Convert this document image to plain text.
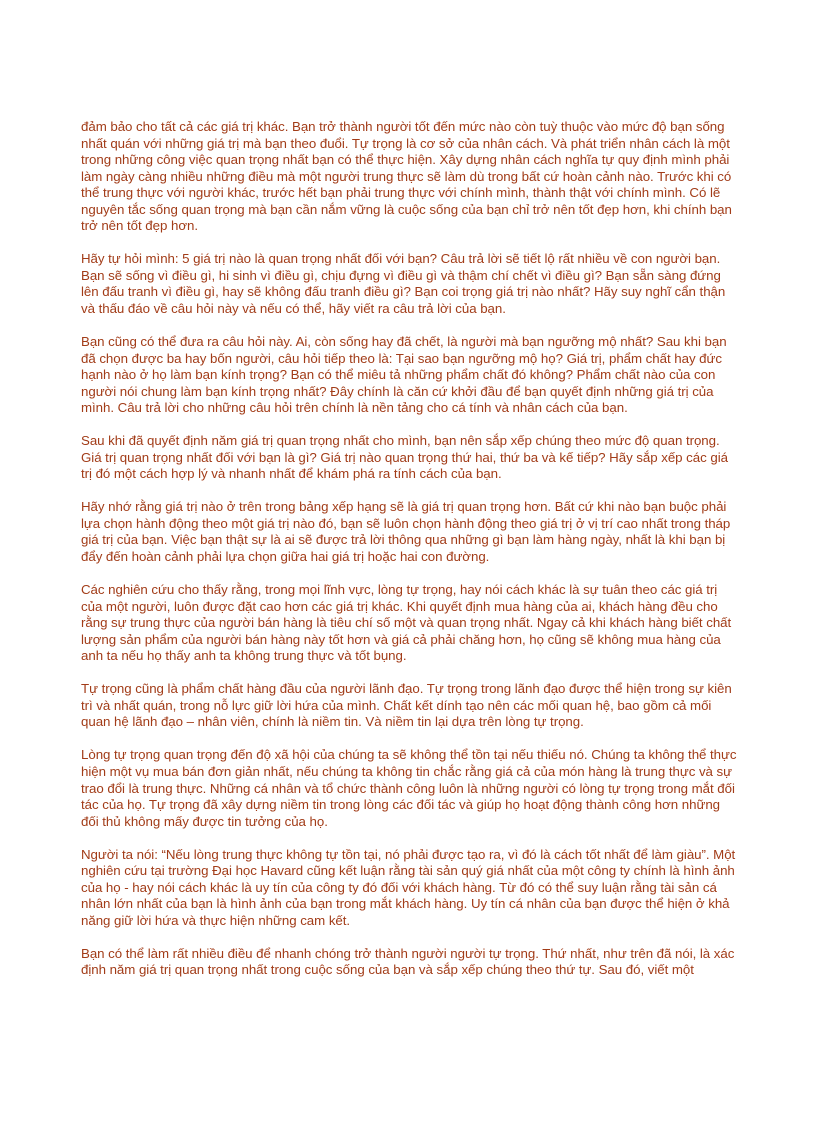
đảm bảo cho tất cả các giá trị khác. Bạn trở thành người tốt đến mức nào còn tuỳ thuộc vào mức độ bạn sống nhất quán với những giá trị mà bạn theo đuổi. Tự trọng là cơ sở của nhân cách. Và phát triển nhân cách là một trong những công việc quan trọng nhất bạn có thể thực hiện. Xây dựng nhân cách nghĩa tự quy định mình phải làm ngày càng nhiều những điều mà một người trung thực sẽ làm dù trong bất cứ hoàn cảnh nào. Trước khi có thể trung thực với người khác, trước hết bạn phải trung thực với chính mình, thành thật với chính mình. Có lẽ nguyên tắc sống quan trọng mà bạn cần nắm vững là cuộc sống của bạn chỉ trở nên tốt đẹp hơn, khi chính bạn trở nên tốt đẹp hơn.

Hãy tự hỏi mình: 5 giá trị nào là quan trọng nhất đối với bạn? Câu trả lời sẽ tiết lộ rất nhiều về con người bạn. Bạn sẽ sống vì điều gì, hi sinh vì điều gì, chịu đựng vì điều gì và thậm chí chết vì điều gì? Bạn sẵn sàng đứng lên đấu tranh vì điều gì, hay sẽ không đấu tranh điều gì? Bạn coi trọng giá trị nào nhất? Hãy suy nghĩ cẩn thận và thấu đáo về câu hỏi này và nếu có thể, hãy viết ra câu trả lời của bạn.

Bạn cũng có thể đưa ra câu hỏi này. Ai, còn sống hay đã chết, là người mà bạn ngưỡng mộ nhất? Sau khi bạn đã chọn được ba hay bốn người, câu hỏi tiếp theo là: Tại sao bạn ngưỡng mộ họ? Giá trị, phẩm chất hay đức hạnh nào ở họ làm bạn kính trọng? Bạn có thể miêu tả những phẩm chất đó không? Phẩm chất nào của con người nói chung làm bạn kính trọng nhất? Đây chính là căn cứ khởi đầu để bạn quyết định những giá trị của mình. Câu trả lời cho những câu hỏi trên chính là nền tảng cho cá tính và nhân cách của bạn.

Sau khi đã quyết định năm giá trị quan trọng nhất cho mình, bạn nên sắp xếp chúng theo mức độ quan trọng. Giá trị quan trọng nhất đối với bạn là gì? Giá trị nào quan trọng thứ hai, thứ ba và kế tiếp? Hãy sắp xếp các giá trị đó một cách hợp lý và nhanh nhất để khám phá ra tính cách của bạn.

Hãy nhớ rằng giá trị nào ở trên trong bảng xếp hạng sẽ là giá trị quan trọng hơn. Bất cứ khi nào bạn buộc phải lựa chọn hành động theo một giá trị nào đó, bạn sẽ luôn chọn hành động theo giá trị ở vị trí cao nhất trong tháp giá trị của bạn. Việc bạn thật sự là ai sẽ được trả lời thông qua những gì bạn làm hàng ngày, nhất là khi bạn bị đẩy đến hoàn cảnh phải lựa chọn giữa hai giá trị hoặc hai con đường.

Các nghiên cứu cho thấy rằng, trong mọi lĩnh vực, lòng tự trọng, hay nói cách khác là sự tuân theo các giá trị của một người, luôn được đặt cao hơn các giá trị khác. Khi quyết định mua hàng của ai, khách hàng đều cho rằng sự trung thực của người bán hàng là tiêu chí số một và quan trọng nhất. Ngay cả khi khách hàng biết chất lượng sản phẩm của người bán hàng này tốt hơn và giá cả phải chăng hơn, họ cũng sẽ không mua hàng của anh ta nếu họ thấy anh ta không trung thực và tốt bụng.

Tự trọng cũng là phẩm chất hàng đầu của người lãnh đạo. Tự trọng trong lãnh đạo được thể hiện trong sự kiên trì và nhất quán, trong nỗ lực giữ lời hứa của mình. Chất kết dính tạo nên các mối quan hệ, bao gồm cả mối quan hệ lãnh đạo – nhân viên, chính là niềm tin. Và niềm tin lại dựa trên lòng tự trọng.

Lòng tự trọng quan trọng đến độ xã hội của chúng ta sẽ không thể tồn tại nếu thiếu nó. Chúng ta không thể thực hiện một vụ mua bán đơn giản nhất, nếu chúng ta không tin chắc rằng giá cả của món hàng là trung thực và sự trao đổi là trung thực. Những cá nhân và tổ chức thành công luôn là những người có lòng tự trọng trong mắt đối tác của họ. Tự trọng đã xây dựng niềm tin trong lòng các đối tác và giúp họ hoạt động thành công hơn những đối thủ không mấy được tin tưởng của họ.

Người ta nói: “Nếu lòng trung thực không tự tồn tại, nó phải được tạo ra, vì đó là cách tốt nhất để làm giàu”. Một nghiên cứu tại trường Đại học Havard cũng kết luận rằng tài sản quý giá nhất của một công ty chính là hình ảnh của họ - hay nói cách khác là uy tín của công ty đó đối với khách hàng. Từ đó có thể suy luận rằng tài sản cá nhân lớn nhất của bạn là hình ảnh của bạn trong mắt khách hàng. Uy tín cá nhân của bạn được thể hiện ở khả năng giữ lời hứa và thực hiện những cam kết.

Bạn có thể làm rất nhiều điều để nhanh chóng trở thành người người tự trọng. Thứ nhất, như trên đã nói, là xác định năm giá trị quan trọng nhất trong cuộc sống của bạn và sắp xếp chúng theo thứ tự. Sau đó, viết một
